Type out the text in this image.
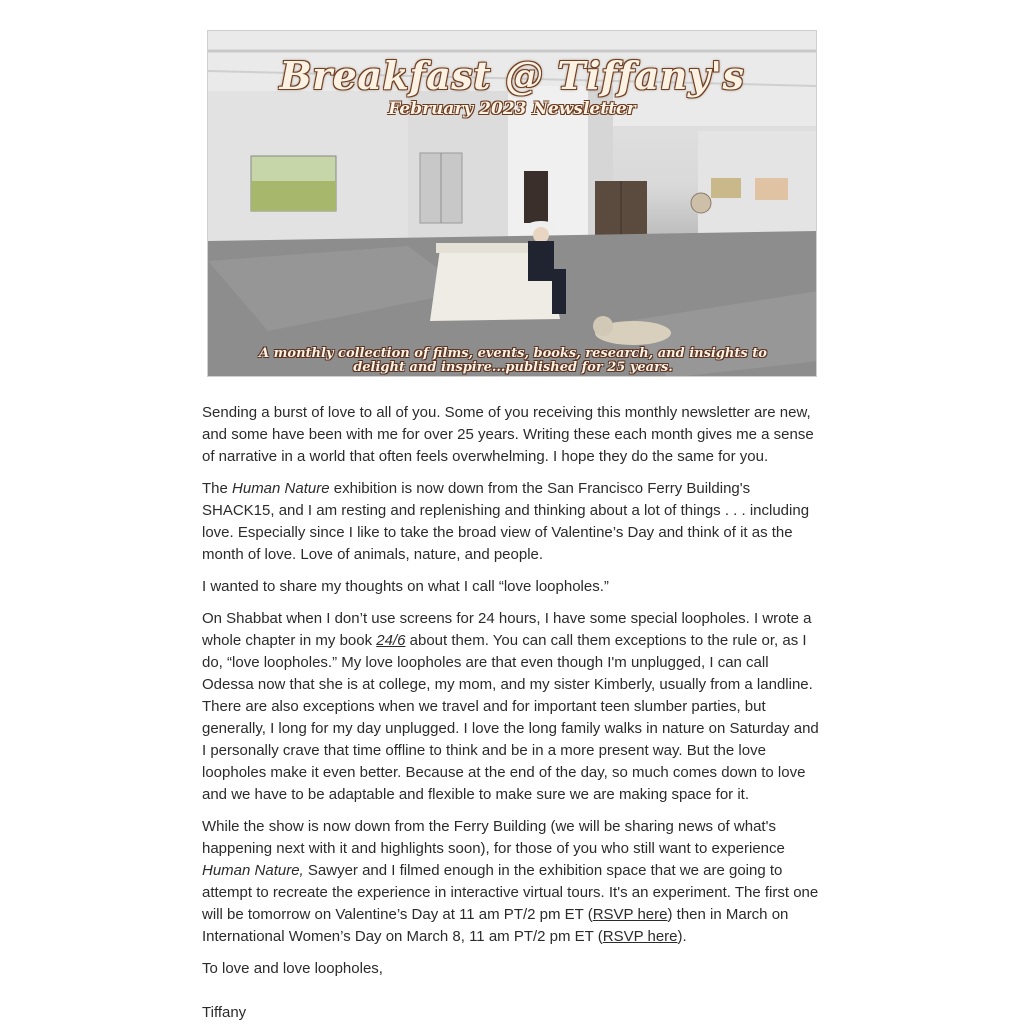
Breakfast @ Tiffany's
February 2023 Newsletter
A monthly collection of films, events, books, research, and insights to delight and inspire...published for 25 years.

Sending a burst of love to all of you. Some of you receiving this monthly newsletter are new, and some have been with me for over 25 years. Writing these each month gives me a sense of narrative in a world that often feels overwhelming. I hope they do the same for you.

The Human Nature exhibition is now down from the San Francisco Ferry Building's SHACK15, and I am resting and replenishing and thinking about a lot of things . . . including love. Especially since I like to take the broad view of Valentine’s Day and think of it as the month of love. Love of animals, nature, and people.

I wanted to share my thoughts on what I call “love loopholes.”

On Shabbat when I don’t use screens for 24 hours, I have some special loopholes. I wrote a whole chapter in my book 24/6 about them. You can call them exceptions to the rule or, as I do, “love loopholes.” My love loopholes are that even though I'm unplugged, I can call Odessa now that she is at college, my mom, and my sister Kimberly, usually from a landline. There are also exceptions when we travel and for important teen slumber parties, but generally, I long for my day unplugged. I love the long family walks in nature on Saturday and I personally crave that time offline to think and be in a more present way. But the love loopholes make it even better. Because at the end of the day, so much comes down to love and we have to be adaptable and flexible to make sure we are making space for it.

While the show is now down from the Ferry Building (we will be sharing news of what's happening next with it and highlights soon), for those of you who still want to experience Human Nature, Sawyer and I filmed enough in the exhibition space that we are going to attempt to recreate the experience in interactive virtual tours. It's an experiment. The first one will be tomorrow on Valentine’s Day at 11 am PT/2 pm ET (RSVP here) then in March on International Women’s Day on March 8, 11 am PT/2 pm ET (RSVP here).

To love and love loopholes,

Tiffany
